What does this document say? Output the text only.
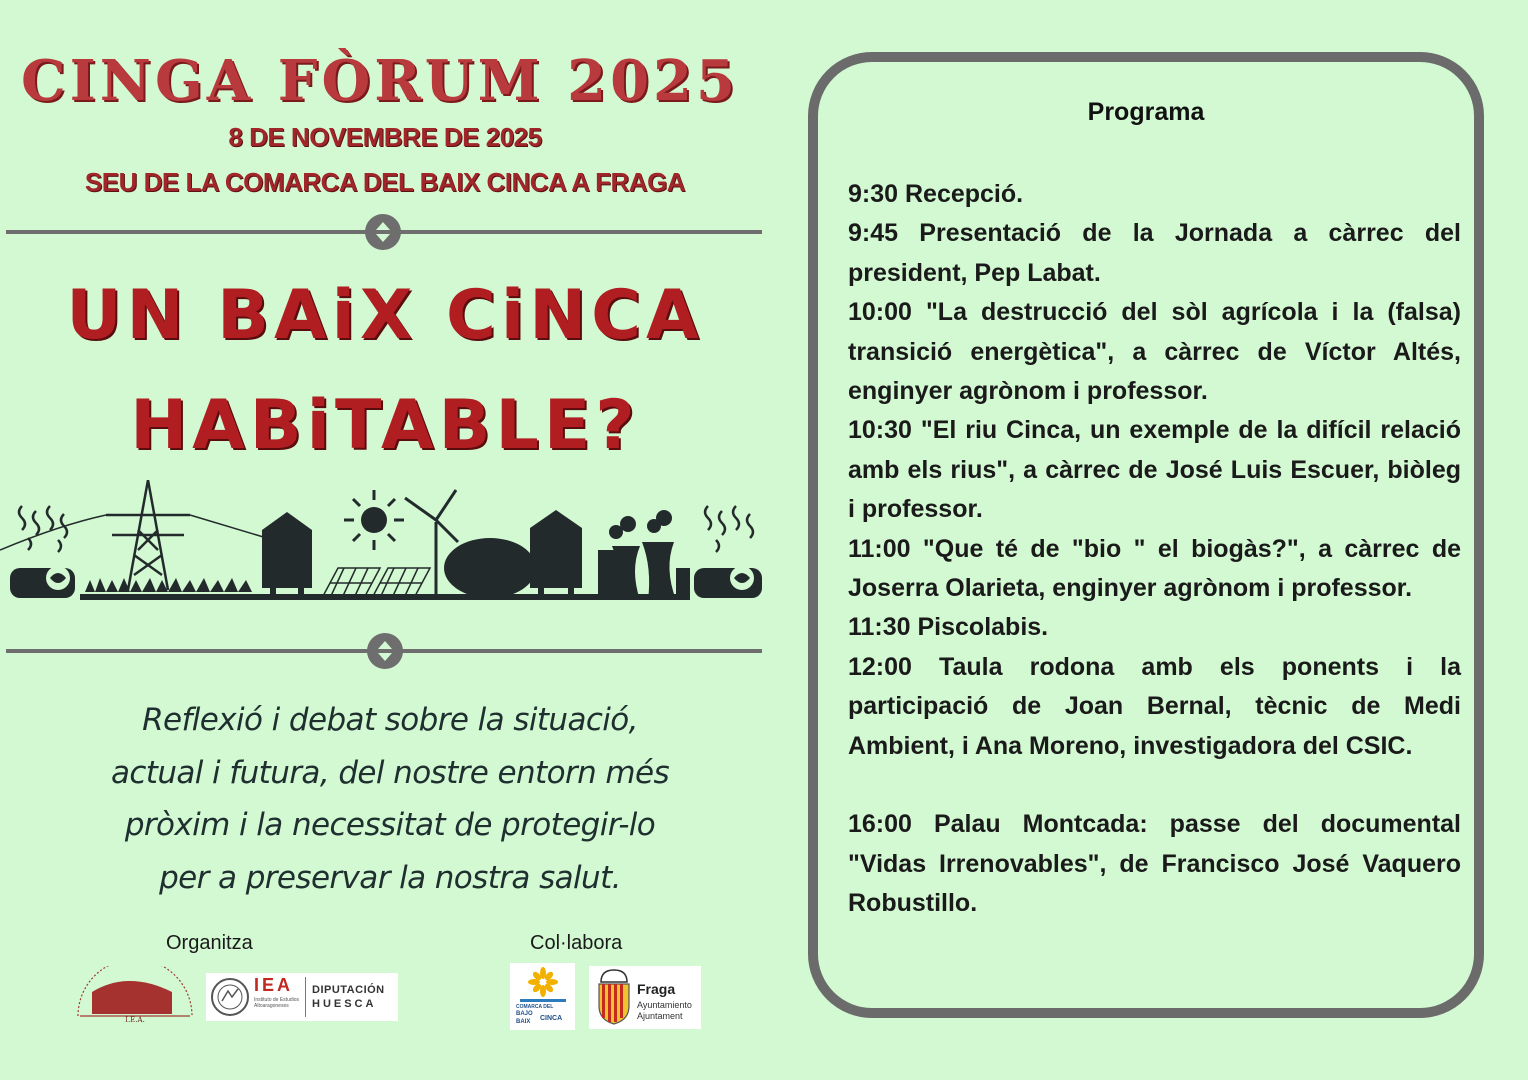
CINGA FÒRUM 2025
8 DE NOVEMBRE DE 2025
SEU DE LA COMARCA DEL BAIX CINCA A FRAGA
UN BAiX CiNCA
HABiTABLE?
Reflexió i debat sobre la situació,
actual i futura, del nostre entorn més
pròxim i la necessitat de protegir-lo
per a preservar la nostra salut.
Organitza	Col·labora
I.E.A.
IEA
Instituto de Estudios Altoaragoneses
DIPUTACIÓN
HUESCA	COMARCA DEL
BAJO
BAIX CINCA
Fraga
Ayuntamiento
Ajuntament
Programa
9:30 Recepció.
9:45 Presentació de la Jornada a càrrec del president, Pep Labat.
10:00 "La destrucció del sòl agrícola i la (falsa) transició energètica", a càrrec de Víctor Altés, enginyer agrònom i professor.
10:30 "El riu Cinca, un exemple de la difícil relació amb els rius", a càrrec de José Luis Escuer, biòleg i professor.
11:00 "Que té de "bio " el biogàs?", a càrrec de Joserra Olarieta, enginyer agrònom i professor.
11:30 Piscolabis.
12:00 Taula rodona amb els ponents i la participació de Joan Bernal, tècnic de Medi Ambient, i Ana Moreno, investigadora del CSIC.
16:00 Palau Montcada: passe del documental "Vidas Irrenovables", de Francisco José Vaquero Robustillo.
